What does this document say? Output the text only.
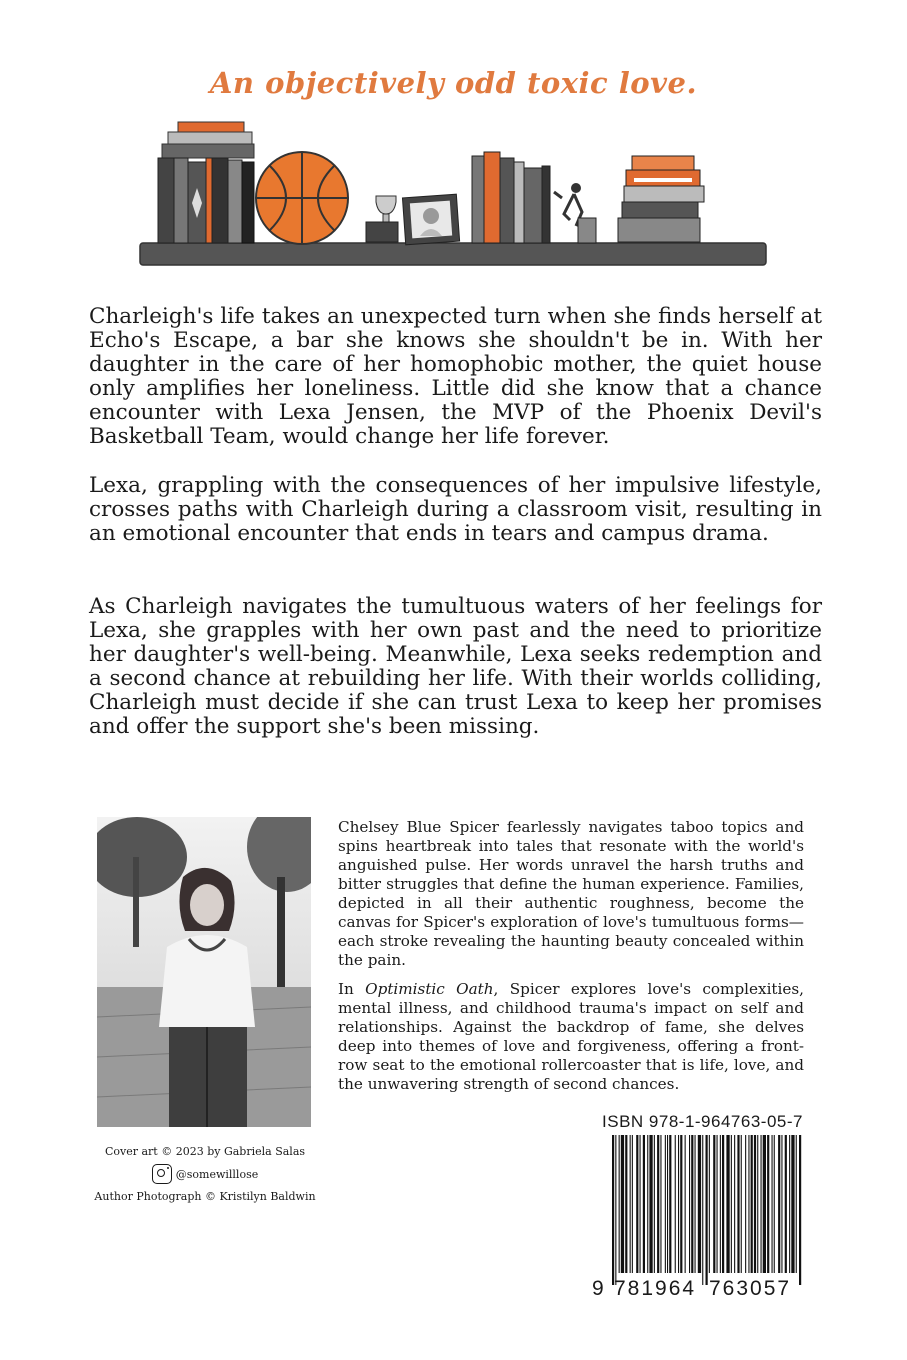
An objectively odd toxic love.

Charleigh's life takes an unexpected turn when she finds herself at Echo's Escape, a bar she knows she shouldn't be in. With her daughter in the care of her homophobic mother, the quiet house only amplifies her loneliness. Little did she know that a chance encounter with Lexa Jensen, the MVP of the Phoenix Devil's Basketball Team, would change her life forever.

Lexa, grappling with the consequences of her impulsive lifestyle, crosses paths with Charleigh during a classroom visit, resulting in an emotional encounter that ends in tears and campus drama.

As Charleigh navigates the tumultuous waters of her feelings for Lexa, she grapples with her own past and the need to prioritize her daughter's well-being. Meanwhile, Lexa seeks redemption and a second chance at rebuilding her life. With their worlds colliding, Charleigh must decide if she can trust Lexa to keep her promises and offer the support she's been missing.

Cover art © 2023 by Gabriela Salas
@somewilllose
Author Photograph © Kristilyn Baldwin

Chelsey Blue Spicer fearlessly navigates taboo topics and spins heartbreak into tales that resonate with the world's anguished pulse. Her words unravel the harsh truths and bitter struggles that define the human experience. Families, depicted in all their authentic roughness, become the canvas for Spicer's exploration of love's tumultuous forms—each stroke revealing the haunting beauty concealed within the pain.

In Optimistic Oath, Spicer explores love's complexities, mental illness, and childhood trauma's impact on self and relationships. Against the backdrop of fame, she delves deep into themes of love and forgiveness, offering a front-row seat to the emotional rollercoaster that is life, love, and the unwavering strength of second chances.

ISBN 978-1-964763-05-7
9 781964 763057
